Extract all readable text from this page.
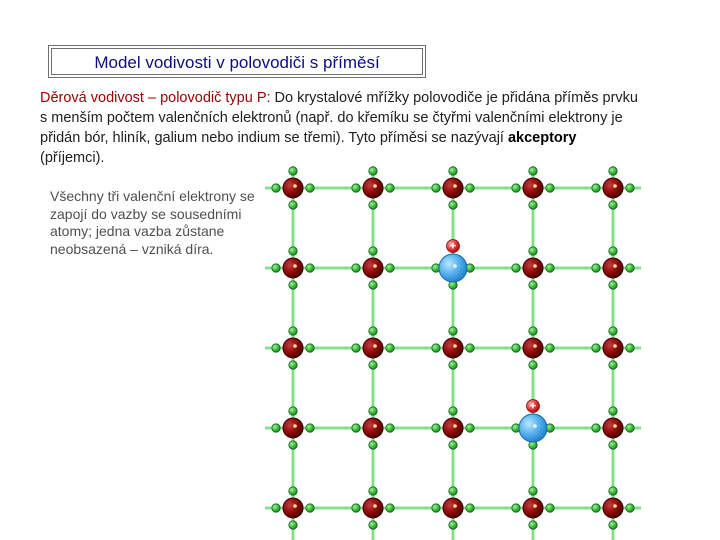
Model vodivosti v polovodiči s příměsí
Děrová vodivost – polovodič typu P: Do krystalové mřížky polovodiče je přidána příměs prvku s menším počtem valenčních elektronů (např. do křemíku se čtyřmi valenčními elektrony je přidán bór, hliník, galium nebo indium se třemi). Tyto příměsi se nazývají akceptory (příjemci).
Všechny tři valenční elektrony se zapojí do vazby se sousedními atomy; jedna vazba zůstane neobsazená – vzniká díra.	+
+
